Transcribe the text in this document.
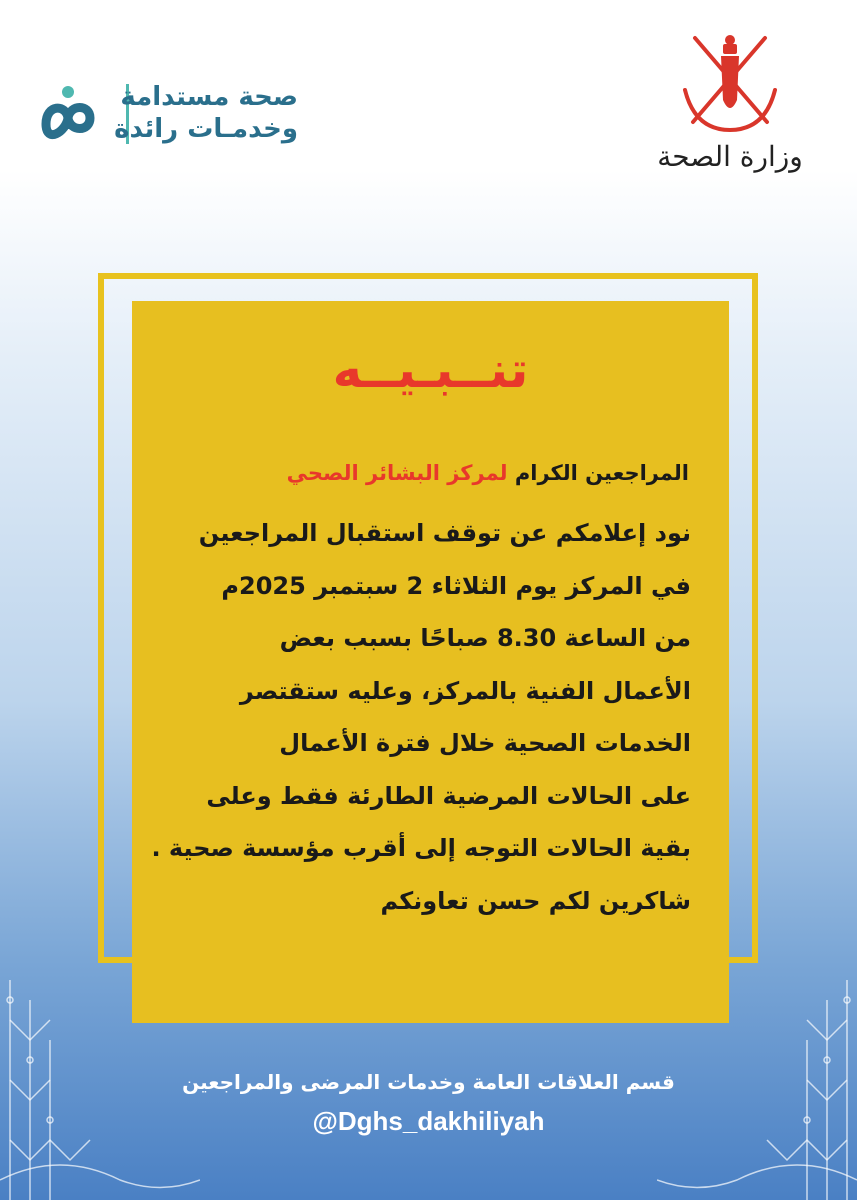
صحة مستدامة
وخدمـات رائدة
وزارة الصحة
تنــبـيــه
المراجعين الكرام لمركز البشائر الصحي
نود إعلامكم عن توقف استقبال المراجعين
في المركز يوم الثلاثاء 2 سبتمبر 2025م
من الساعة 8.30 صباحًا بسبب بعض
الأعمال الفنية بالمركز، وعليه ستقتصر
الخدمات الصحية خلال فترة الأعمال
على الحالات المرضية الطارئة فقط وعلى
بقية الحالات التوجه إلى أقرب مؤسسة صحية .
شاكرين لكم حسن تعاونكم
قسم العلاقات العامة وخدمات المرضى والمراجعين
@Dghs_dakhiliyah
